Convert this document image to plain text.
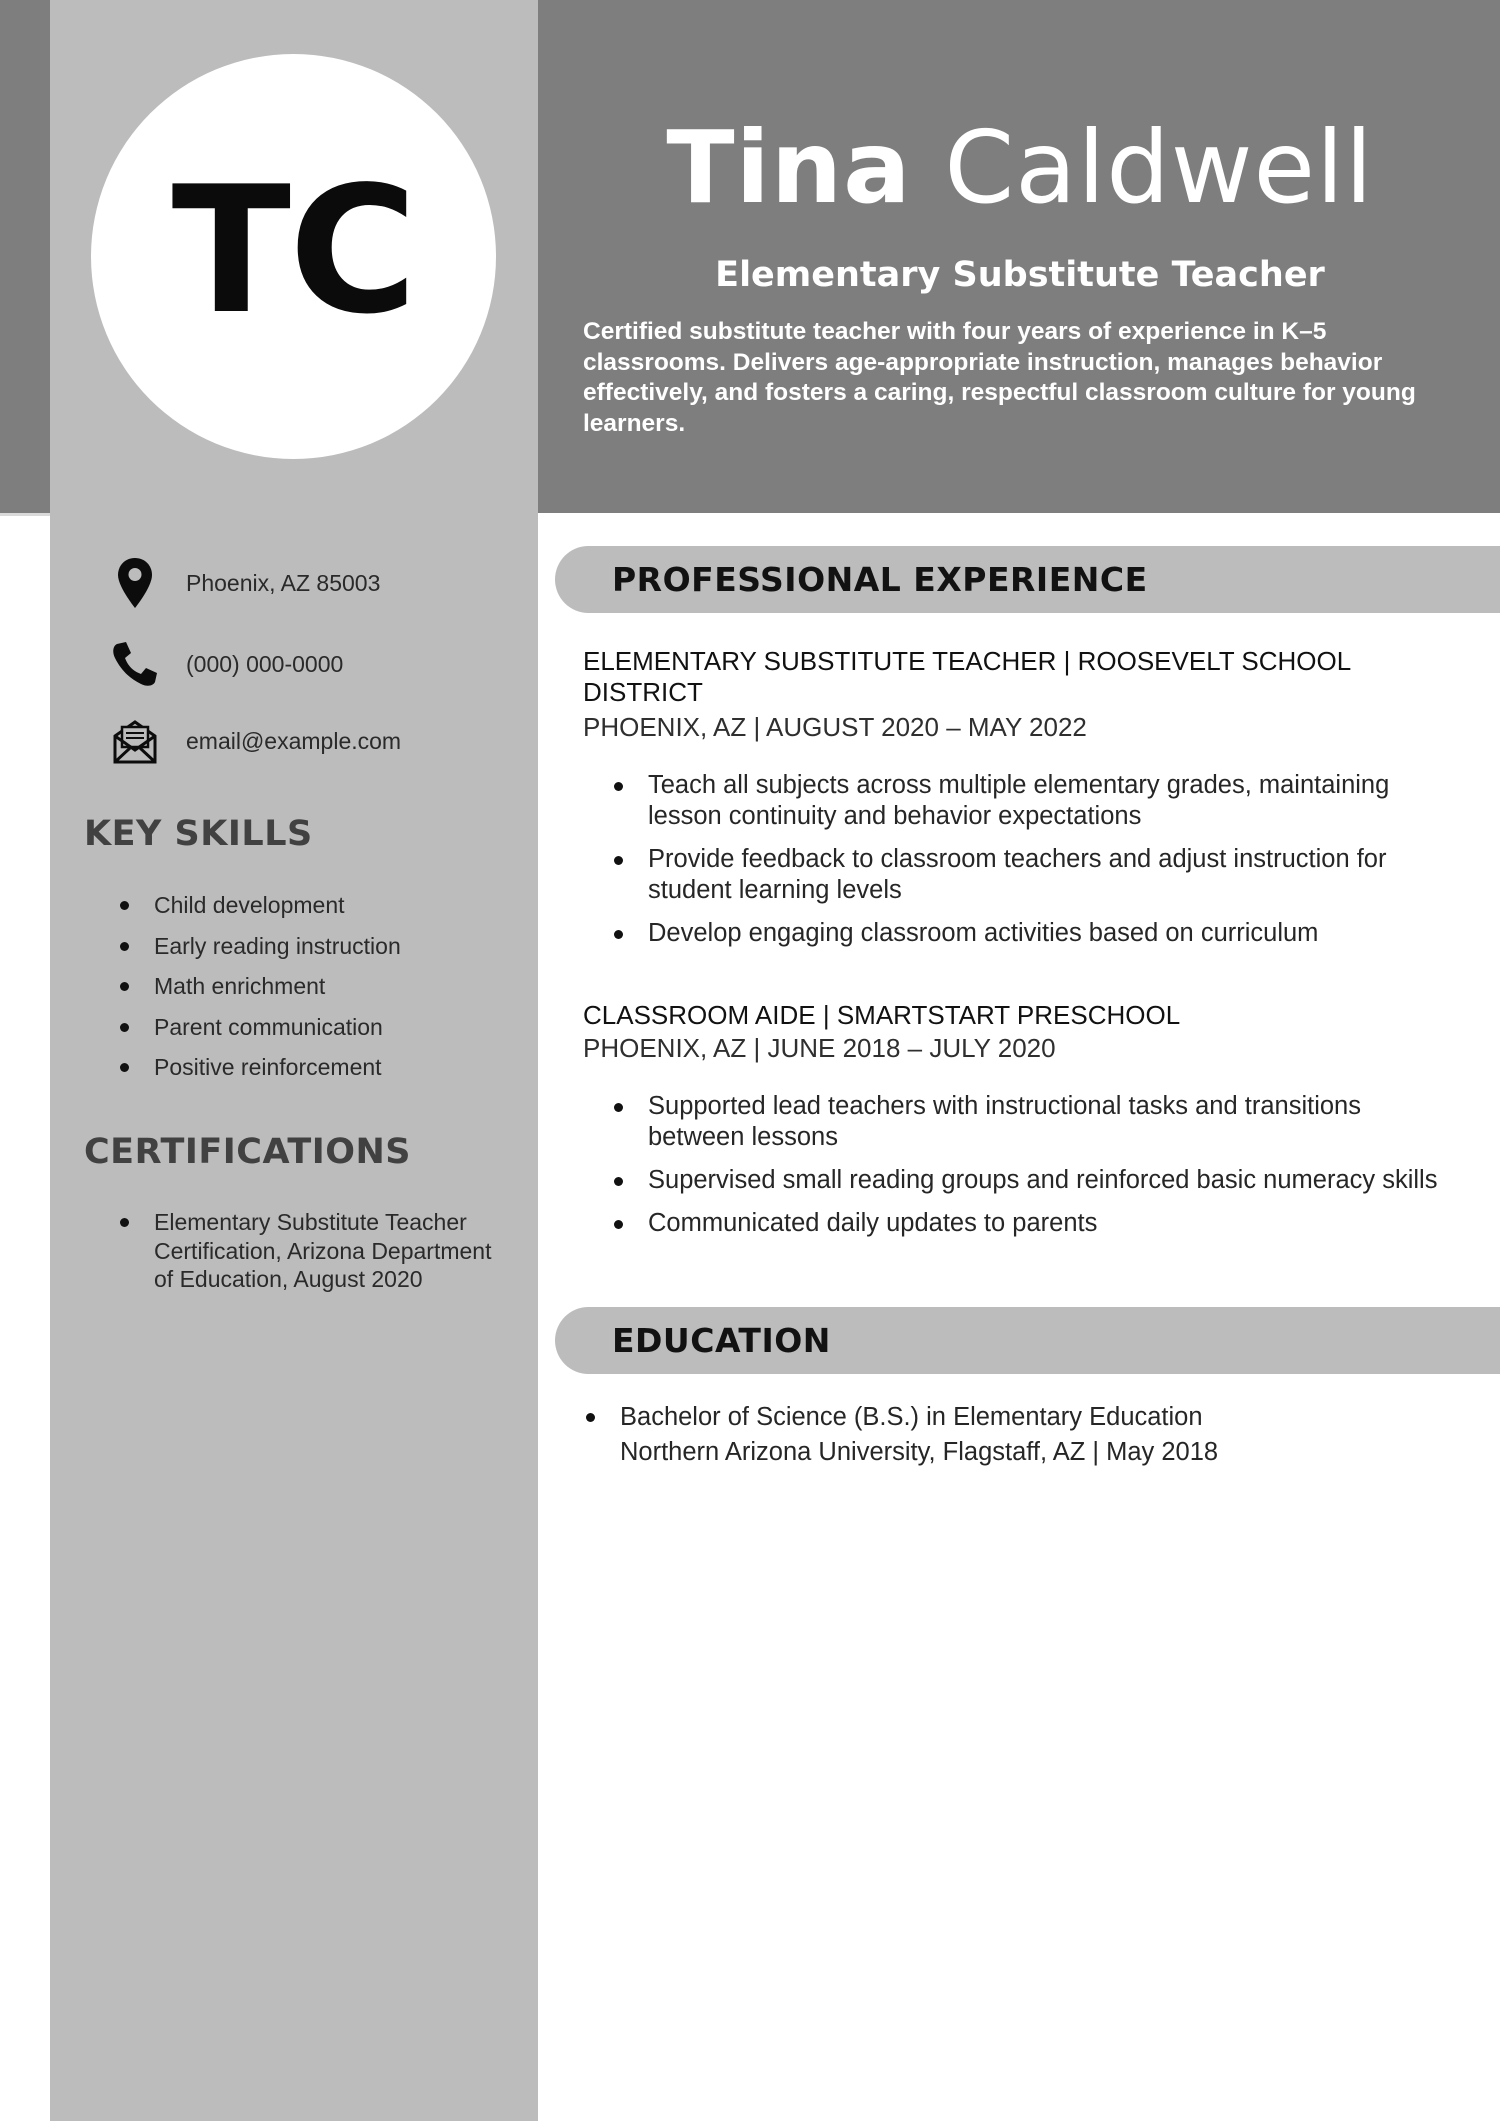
TC	Tina Caldwell
Elementary Substitute Teacher
Certified substitute teacher with four years of experience in K–5 classrooms. Delivers age-appropriate instruction, manages behavior effectively, and fosters a caring, respectful classroom culture for young learners.
Phoenix, AZ 85003
(000) 000-0000
email@example.com
KEY SKILLS
Child development
Early reading instruction
Math enrichment
Parent communication
Positive reinforcement
CERTIFICATIONS
Elementary Substitute Teacher Certification, Arizona Department of Education, August 2020
PROFESSIONAL EXPERIENCE
ELEMENTARY SUBSTITUTE TEACHER | ROOSEVELT SCHOOL DISTRICT
PHOENIX, AZ | AUGUST 2020 – MAY 2022
Teach all subjects across multiple elementary grades, maintaining lesson continuity and behavior expectations
Provide feedback to classroom teachers and adjust instruction for student learning levels
Develop engaging classroom activities based on curriculum
CLASSROOM AIDE | SMARTSTART PRESCHOOL
PHOENIX, AZ | JUNE 2018 – JULY 2020
Supported lead teachers with instructional tasks and transitions between lessons
Supervised small reading groups and reinforced basic numeracy skills
Communicated daily updates to parents
EDUCATION
Bachelor of Science (B.S.) in Elementary Education
Northern Arizona University, Flagstaff, AZ | May 2018
